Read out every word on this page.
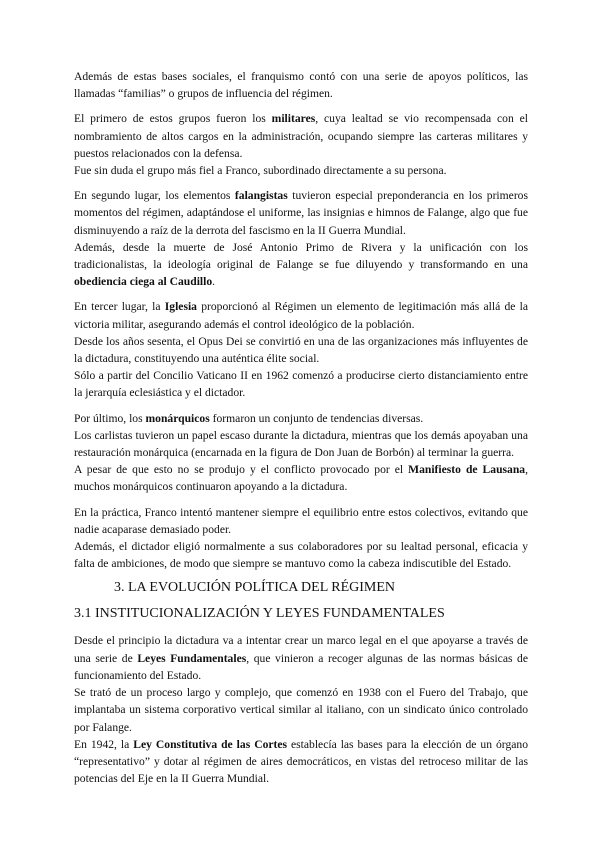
Además de estas bases sociales, el franquismo contó con una serie de apoyos políticos, las llamadas “familias” o grupos de influencia del régimen.

El primero de estos grupos fueron los militares, cuya lealtad se vio recompensada con el nombramiento de altos cargos en la administración, ocupando siempre las carteras militares y puestos relacionados con la defensa.

Fue sin duda el grupo más fiel a Franco, subordinado directamente a su persona.

En segundo lugar, los elementos falangistas tuvieron especial preponderancia en los primeros momentos del régimen, adaptándose el uniforme, las insignias e himnos de Falange, algo que fue disminuyendo a raíz de la derrota del fascismo en la II Guerra Mundial.

Además, desde la muerte de José Antonio Primo de Rivera y la unificación con los tradicionalistas, la ideología original de Falange se fue diluyendo y transformando en una obediencia ciega al Caudillo.

En tercer lugar, la Iglesia proporcionó al Régimen un elemento de legitimación más allá de la victoria militar, asegurando además el control ideológico de la población.

Desde los años sesenta, el Opus Dei se convirtió en una de las organizaciones más influyentes de la dictadura, constituyendo una auténtica élite social.

Sólo a partir del Concilio Vaticano II en 1962 comenzó a producirse cierto distanciamiento entre la jerarquía eclesiástica y el dictador.

Por último, los monárquicos formaron un conjunto de tendencias diversas.

Los carlistas tuvieron un papel escaso durante la dictadura, mientras que los demás apoyaban una restauración monárquica (encarnada en la figura de Don Juan de Borbón) al terminar la guerra.

A pesar de que esto no se produjo y el conflicto provocado por el Manifiesto de Lausana, muchos monárquicos continuaron apoyando a la dictadura.

En la práctica, Franco intentó mantener siempre el equilibrio entre estos colectivos, evitando que nadie acaparase demasiado poder.

Además, el dictador eligió normalmente a sus colaboradores por su lealtad personal, eficacia y falta de ambiciones, de modo que siempre se mantuvo como la cabeza indiscutible del Estado.

3. LA EVOLUCIÓN POLÍTICA DEL RÉGIMEN
3.1 INSTITUCIONALIZACIÓN Y LEYES FUNDAMENTALES

Desde el principio la dictadura va a intentar crear un marco legal en el que apoyarse a través de una serie de Leyes Fundamentales, que vinieron a recoger algunas de las normas básicas de funcionamiento del Estado.

Se trató de un proceso largo y complejo, que comenzó en 1938 con el Fuero del Trabajo, que implantaba un sistema corporativo vertical similar al italiano, con un sindicato único controlado por Falange.

En 1942, la Ley Constitutiva de las Cortes establecía las bases para la elección de un órgano “representativo” y dotar al régimen de aires democráticos, en vistas del retroceso militar de las potencias del Eje en la II Guerra Mundial.
